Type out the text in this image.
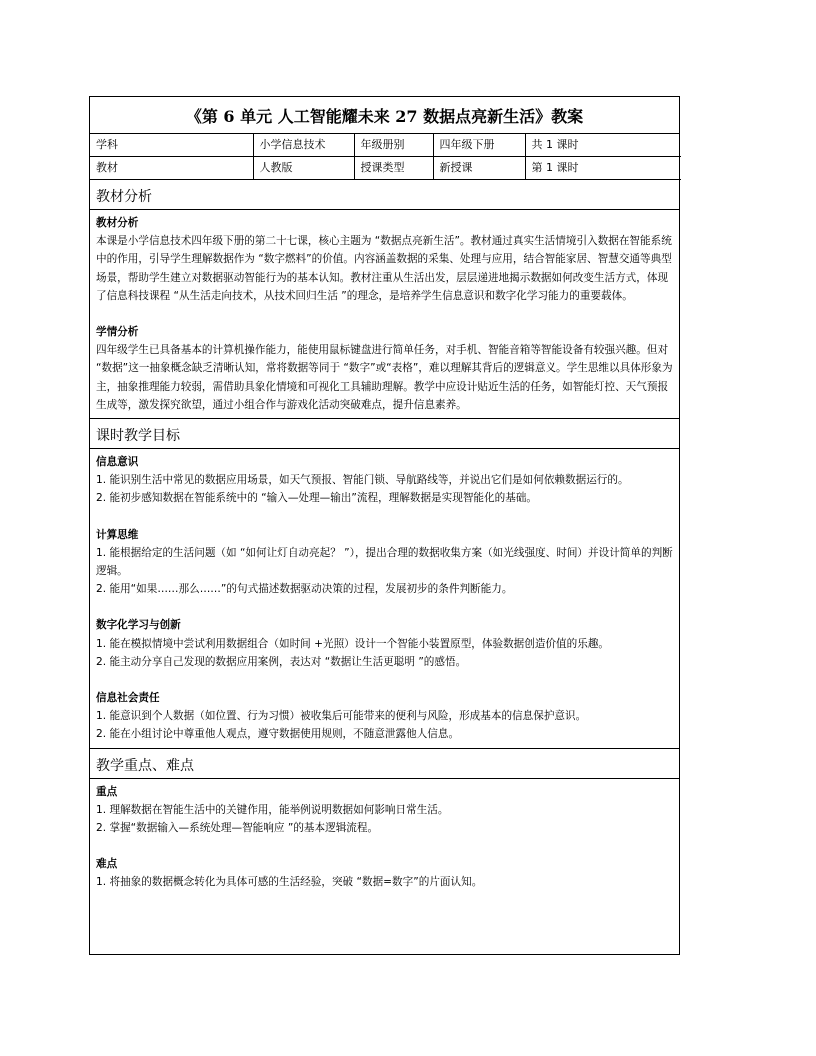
《第 6 单元 人工智能耀未来 27 数据点亮新生活》教案
学科	小学信息技术	年级册别	四年级下册	共 1 课时
教材	人教版	授课类型	新授课	第 1 课时
教材分析

教材分析

本课是小学信息技术四年级下册的第二十七课，核心主题为 “数据点亮新生活”。教材通过真实生活情境引入数据在智能系统中的作用，引导学生理解数据作为 “数字燃料”的价值。内容涵盖数据的采集、处理与应用，结合智能家居、智慧交通等典型场景，帮助学生建立对数据驱动智能行为的基本认知。教材注重从生活出发，层层递进地揭示数据如何改变生活方式，体现了信息科技课程 “从生活走向技术，从技术回归生活 ”的理念，是培养学生信息意识和数字化学习能力的重要载体。

学情分析

四年级学生已具备基本的计算机操作能力，能使用鼠标键盘进行简单任务，对手机、智能音箱等智能设备有较强兴趣。但对 “数据”这一抽象概念缺乏清晰认知，常将数据等同于 “数字”或“表格”，难以理解其背后的逻辑意义。学生思维以具体形象为主，抽象推理能力较弱，需借助具象化情境和可视化工具辅助理解。教学中应设计贴近生活的任务，如智能灯控、天气预报生成等，激发探究欲望，通过小组合作与游戏化活动突破难点，提升信息素养。

课时教学目标

信息意识

1. 能识别生活中常见的数据应用场景，如天气预报、智能门锁、导航路线等，并说出它们是如何依赖数据运行的。

2. 能初步感知数据在智能系统中的 “输入—处理—输出”流程，理解数据是实现智能化的基础。

计算思维

1. 能根据给定的生活问题（如 “如何让灯自动亮起？ ”），提出合理的数据收集方案（如光线强度、时间）并设计简单的判断逻辑。

2. 能用“如果……那么……”的句式描述数据驱动决策的过程，发展初步的条件判断能力。

数字化学习与创新

1. 能在模拟情境中尝试利用数据组合（如时间 +光照）设计一个智能小装置原型，体验数据创造价值的乐趣。

2. 能主动分享自己发现的数据应用案例，表达对 “数据让生活更聪明 ”的感悟。

信息社会责任

1. 能意识到个人数据（如位置、行为习惯）被收集后可能带来的便利与风险，形成基本的信息保护意识。

2. 能在小组讨论中尊重他人观点，遵守数据使用规则，不随意泄露他人信息。

教学重点、难点

重点

1. 理解数据在智能生活中的关键作用，能举例说明数据如何影响日常生活。

2. 掌握“数据输入—系统处理—智能响应 ”的基本逻辑流程。

难点

1. 将抽象的数据概念转化为具体可感的生活经验，突破 “数据=数字”的片面认知。
